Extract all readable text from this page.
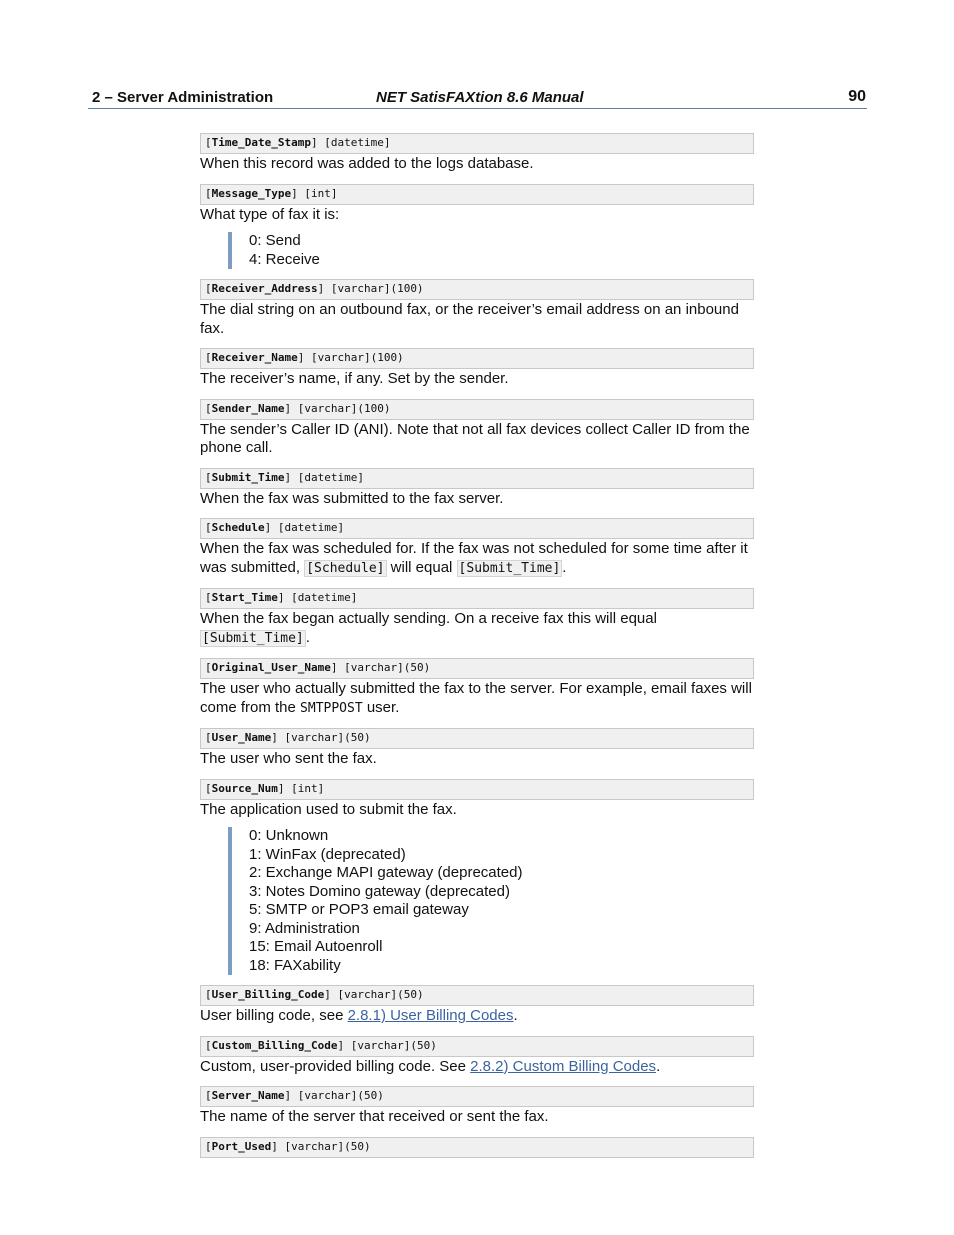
2 – Server Administration	NET SatisFAXtion 8.6 Manual	90
[Time_Date_Stamp] [datetime]
When this record was added to the logs database.
[Message_Type] [int]
What type of fax it is:
0: Send
4: Receive
[Receiver_Address] [varchar](100)
The dial string on an outbound fax, or the receiver’s email address on an inbound fax.
[Receiver_Name] [varchar](100)
The receiver’s name, if any. Set by the sender.
[Sender_Name] [varchar](100)
The sender’s Caller ID (ANI). Note that not all fax devices collect Caller ID from the phone call.
[Submit_Time] [datetime]
When the fax was submitted to the fax server.
[Schedule] [datetime]
When the fax was scheduled for. If the fax was not scheduled for some time after it was submitted, [Schedule] will equal [Submit_Time] .
[Start_Time] [datetime]
When the fax began actually sending. On a receive fax this will equal [Submit_Time] .
[Original_User_Name] [varchar](50)
The user who actually submitted the fax to the server. For example, email faxes will come from the SMTPPOST user.
[User_Name] [varchar](50)
The user who sent the fax.
[Source_Num] [int]
The application used to submit the fax.
0: Unknown
1: WinFax (deprecated)
2: Exchange MAPI gateway (deprecated)
3: Notes Domino gateway (deprecated)
5: SMTP or POP3 email gateway
9: Administration
15: Email Autoenroll
18: FAXability
[User_Billing_Code] [varchar](50)
User billing code, see 2.8.1) User Billing Codes.
[Custom_Billing_Code] [varchar](50)
Custom, user-provided billing code. See 2.8.2) Custom Billing Codes.
[Server_Name] [varchar](50)
The name of the server that received or sent the fax.
[Port_Used] [varchar](50)
